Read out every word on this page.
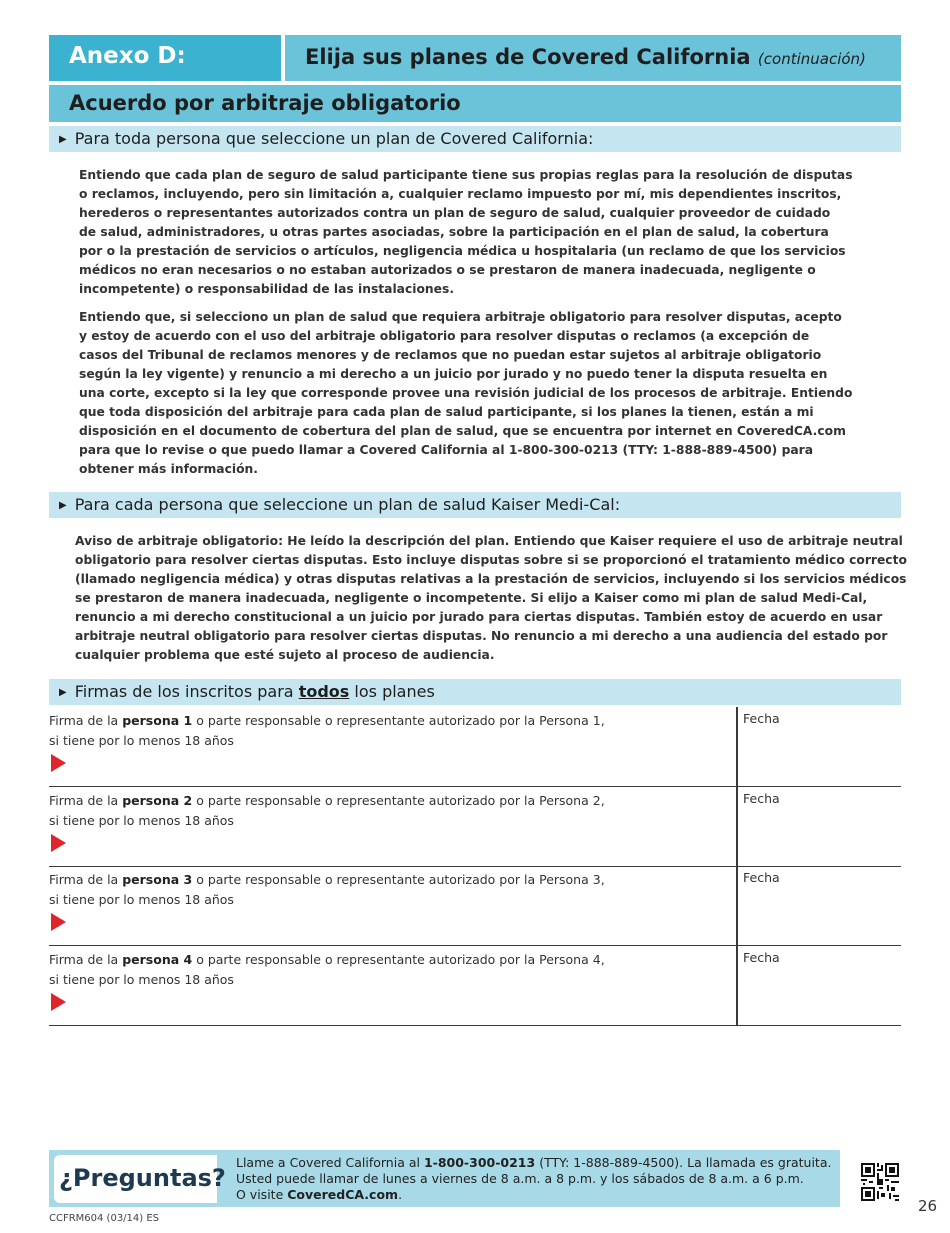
Anexo D:	Elija sus planes de Covered California (continuación)
Acuerdo por arbitraje obligatorio
▶ Para toda persona que seleccione un plan de Covered California:
Entiendo que cada plan de seguro de salud participante tiene sus propias reglas para la resolución de disputas
o reclamos, incluyendo, pero sin limitación a, cualquier reclamo impuesto por mí, mis dependientes inscritos,
herederos o representantes autorizados contra un plan de seguro de salud, cualquier proveedor de cuidado
de salud, administradores, u otras partes asociadas, sobre la participación en el plan de salud, la cobertura
por o la prestación de servicios o artículos, negligencia médica u hospitalaria (un reclamo de que los servicios
médicos no eran necesarios o no estaban autorizados o se prestaron de manera inadecuada, negligente o
incompetente) o responsabilidad de las instalaciones.
Entiendo que, si selecciono un plan de salud que requiera arbitraje obligatorio para resolver disputas, acepto
y estoy de acuerdo con el uso del arbitraje obligatorio para resolver disputas o reclamos (a excepción de
casos del Tribunal de reclamos menores y de reclamos que no puedan estar sujetos al arbitraje obligatorio
según la ley vigente) y renuncio a mi derecho a un juicio por jurado y no puedo tener la disputa resuelta en
una corte, excepto si la ley que corresponde provee una revisión judicial de los procesos de arbitraje. Entiendo
que toda disposición del arbitraje para cada plan de salud participante, si los planes la tienen, están a mi
disposición en el documento de cobertura del plan de salud, que se encuentra por internet en CoveredCA.com
para que lo revise o que puedo llamar a Covered California al 1-800-300-0213 (TTY: 1-888-889-4500) para
obtener más información.
▶ Para cada persona que seleccione un plan de salud Kaiser Medi-Cal:
Aviso de arbitraje obligatorio: He leído la descripción del plan. Entiendo que Kaiser requiere el uso de arbitraje neutral
obligatorio para resolver ciertas disputas. Esto incluye disputas sobre si se proporcionó el tratamiento médico correcto
(llamado negligencia médica) y otras disputas relativas a la prestación de servicios, incluyendo si los servicios médicos
se prestaron de manera inadecuada, negligente o incompetente. Si elijo a Kaiser como mi plan de salud Medi-Cal,
renuncio a mi derecho constitucional a un juicio por jurado para ciertas disputas. También estoy de acuerdo en usar
arbitraje neutral obligatorio para resolver ciertas disputas. No renuncio a mi derecho a una audiencia del estado por
cualquier problema que esté sujeto al proceso de audiencia.
▶ Firmas de los inscritos para todos los planes
Firma de la persona 1 o parte responsable o representante autorizado por la Persona 1,
si tiene por lo menos 18 años
Fecha
Firma de la persona 2 o parte responsable o representante autorizado por la Persona 2,
si tiene por lo menos 18 años
Fecha
Firma de la persona 3 o parte responsable o representante autorizado por la Persona 3,
si tiene por lo menos 18 años
Fecha
Firma de la persona 4 o parte responsable o representante autorizado por la Persona 4,
si tiene por lo menos 18 años
Fecha
¿Preguntas?
Llame a Covered California al 1-800-300-0213 (TTY: 1-888-889-4500). La llamada es gratuita.
Usted puede llamar de lunes a viernes de 8 a.m. a 8 p.m. y los sábados de 8 a.m. a 6 p.m.
O visite CoveredCA.com.
26
CCFRM604 (03/14) ES
